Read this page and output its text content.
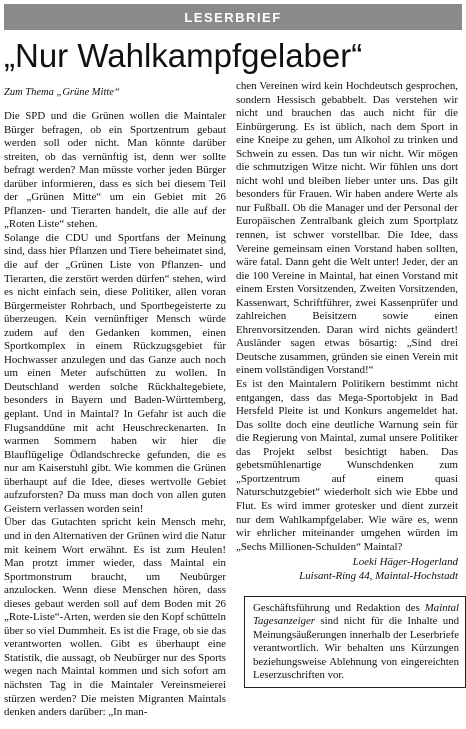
LESERBRIEF
„Nur Wahlkampfgelaber“
Zum Thema „Grüne Mitte“

Die SPD und die Grünen wollen die Maintaler Bürger befragen, ob ein Sportzentrum gebaut werden soll oder nicht. Man könnte darüber streiten, ob das vernünftig ist, denn wer sollte befragt werden? Man müsste vorher jeden Bürger darüber informieren, dass es sich bei diesem Teil der „Grünen Mitte“ um ein Gebiet mit 26 Pflanzen- und Tierarten handelt, die alle auf der „Roten Liste“ stehen.

Solange die CDU und Sportfans der Meinung sind, dass hier Pflanzen und Tiere beheimatet sind, die auf der „Grünen Liste von Pflanzen- und Tierarten, die zerstört werden dürfen“ stehen, wird es nicht einfach sein, diese Politiker, allen voran Bürgermeister Rohrbach, und Sportbegeisterte zu überzeugen. Kein vernünftiger Mensch würde zudem auf den Gedanken kommen, einen Sportkomplex in einem Rückzugsgebiet für Hochwasser anzulegen und das Ganze auch noch um einen Meter aufschütten zu wollen. In Deutschland werden solche Rückhaltegebiete, besonders in Bayern und Baden-Württemberg, geplant. Und in Maintal? In Gefahr ist auch die Flugsanddüne mit acht Heuschreckenarten. In warmen Sommern haben wir hier die Blauflügelige Ödlandschrecke gefunden, die es nur am Kaiserstuhl gibt. Wie kommen die Grünen überhaupt auf die Idee, dieses wertvolle Gebiet aufzuforsten? Da muss man doch von allen guten Geistern verlassen worden sein!

Über das Gutachten spricht kein Mensch mehr, und in den Alternativen der Grünen wird die Natur mit keinem Wort erwähnt. Es ist zum Heulen! Man protzt immer wieder, dass Maintal ein Sportmonstrum braucht, um Neubürger anzulocken. Wenn diese Menschen hören, dass dieses gebaut werden soll auf dem Boden mit 26 „Rote-Liste“-Arten, werden sie den Kopf schütteln über so viel Dummheit. Es ist die Frage, ob sie das verantworten wollen. Gibt es überhaupt eine Statistik, die aussagt, ob Neubürger nur des Sports wegen nach Maintal kommen und sich sofort am nächsten Tag in die Maintaler Vereinsmeierei stürzen werden? Die meisten Migranten Maintals denken anders darüber: „In man-

chen Vereinen wird kein Hochdeutsch gesprochen, sondern Hessisch gebabbelt. Das verstehen wir nicht und brauchen das auch nicht für die Einbürgerung. Es ist üblich, nach dem Sport in eine Kneipe zu gehen, um Alkohol zu trinken und Schwein zu essen. Das tun wir nicht. Wir mögen die schmutzigen Witze nicht. Wir fühlen uns dort nicht wohl und bleiben lieber unter uns. Das gilt besonders für Frauen. Wir haben andere Werte als nur Fußball. Ob die Manager und der Personal der Europäischen Zentralbank gleich zum Sportplatz rennen, ist schwer vorstellbar. Die Idee, dass Vereine gemeinsam einen Vorstand haben sollten, wäre fatal. Dann geht die Welt unter! Jeder, der an die 100 Vereine in Maintal, hat einen Vorstand mit einem Ersten Vorsitzenden, Zweiten Vorsitzenden, Kassenwart, Schriftführer, zwei Kassenprüfer und zahlreichen Beisitzern sowie einen Ehrenvorsitzenden. Daran wird nichts geändert! Ausländer sagen etwas bösartig: „Sind drei Deutsche zusammen, gründen sie einen Verein mit einem vollständigen Vorstand!“

Es ist den Maintalern Politikern bestimmt nicht entgangen, dass das Mega-Sportobjekt in Bad Hersfeld Pleite ist und Konkurs angemeldet hat. Das sollte doch eine deutliche Warnung sein für die Regierung von Maintal, zumal unsere Politiker das Projekt selbst besichtigt haben. Das gebetsmühlenartige Wunschdenken zum „Sportzentrum auf einem quasi Naturschutzgebiet“ wiederholt sich wie Ebbe und Flut. Es wird immer grotesker und dient zurzeit nur dem Wahlkampfgelaber. Wie wäre es, wenn wir ehrlicher miteinander umgehen würden im „Sechs Millionen-Schulden“ Maintal?

Loeki Häger-Hogerland

Luisant-Ring 44, Maintal-Hochstadt

Geschäftsführung und Redaktion des Maintal Tagesanzeiger sind nicht für die Inhalte und Meinungsäußerungen innerhalb der Leserbriefe verantwortlich. Wir behalten uns Kürzungen beziehungsweise Ablehnung von eingereichten Leserzuschriften vor.
